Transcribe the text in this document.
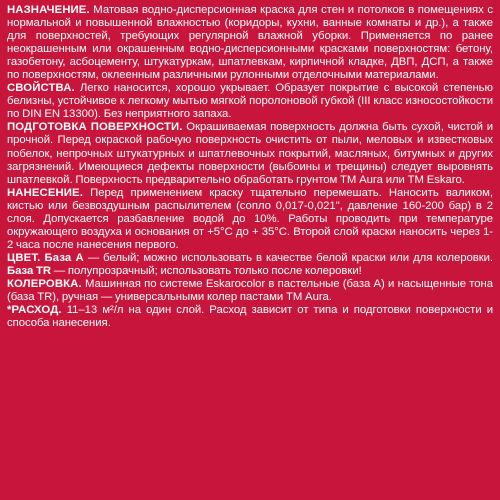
НАЗНАЧЕНИЕ. Матовая водно-дисперсионная краска для стен и потолков в помещениях с нормальной и повышенной влажностью (коридоры, кухни, ванные комнаты и др.), а также для поверхностей, требующих регулярной влажной уборки. Применяется по ранее неокрашенным или окрашенным водно-дисперсионными красками поверхностям: бетону, газобетону, асбоцементу, штукатуркам, шпатлевкам, кирпичной кладке, ДВП, ДСП, а также по поверхностям, оклеенным различными рулонными отделочными материалами.

СВОЙСТВА. Легко наносится, хорошо укрывает. Образует покрытие с высокой степенью белизны, устойчивое к легкому мытью мягкой поролоновой губкой (III класс износостойкости по DIN EN 13300). Без неприятного запаха.

ПОДГОТОВКА ПОВЕРХНОСТИ. Окрашиваемая поверхность должна быть сухой, чистой и прочной. Перед окраской рабочую поверхность очистить от пыли, меловых и известковых побелок, непрочных штукатурных и шпатлевочных покрытий, масляных, битумных и других загрязнений. Имеющиеся дефекты поверхности (выбоины и трещины) следует выровнять шпатлевкой. Поверхность предварительно обработать грунтом ТМ Aura или ТМ Eskaro.

НАНЕСЕНИЕ. Перед применением краску тщательно перемешать. Наносить валиком, кистью или безвоздушным распылителем (сопло 0,017-0,021", давление 160-200 бар) в 2 слоя. Допускается разбавление водой до 10%. Работы проводить при температуре окружающего воздуха и основания от +5°С до + 35°С. Второй слой краски наносить через 1-2 часа после нанесения первого.

ЦВЕТ. База А — белый; можно использовать в качестве белой краски или для колеровки. База TR — полупрозрачный; использовать только после колеровки!

КОЛЕРОВКА. Машинная по системе Eskarocolor в пастельные (база А) и насыщенные тона (база TR), ручная — универсальными колер пастами ТМ Aura.

*РАСХОД. 11–13 м²/л на один слой. Расход зависит от типа и подготовки поверхности и способа нанесения.
